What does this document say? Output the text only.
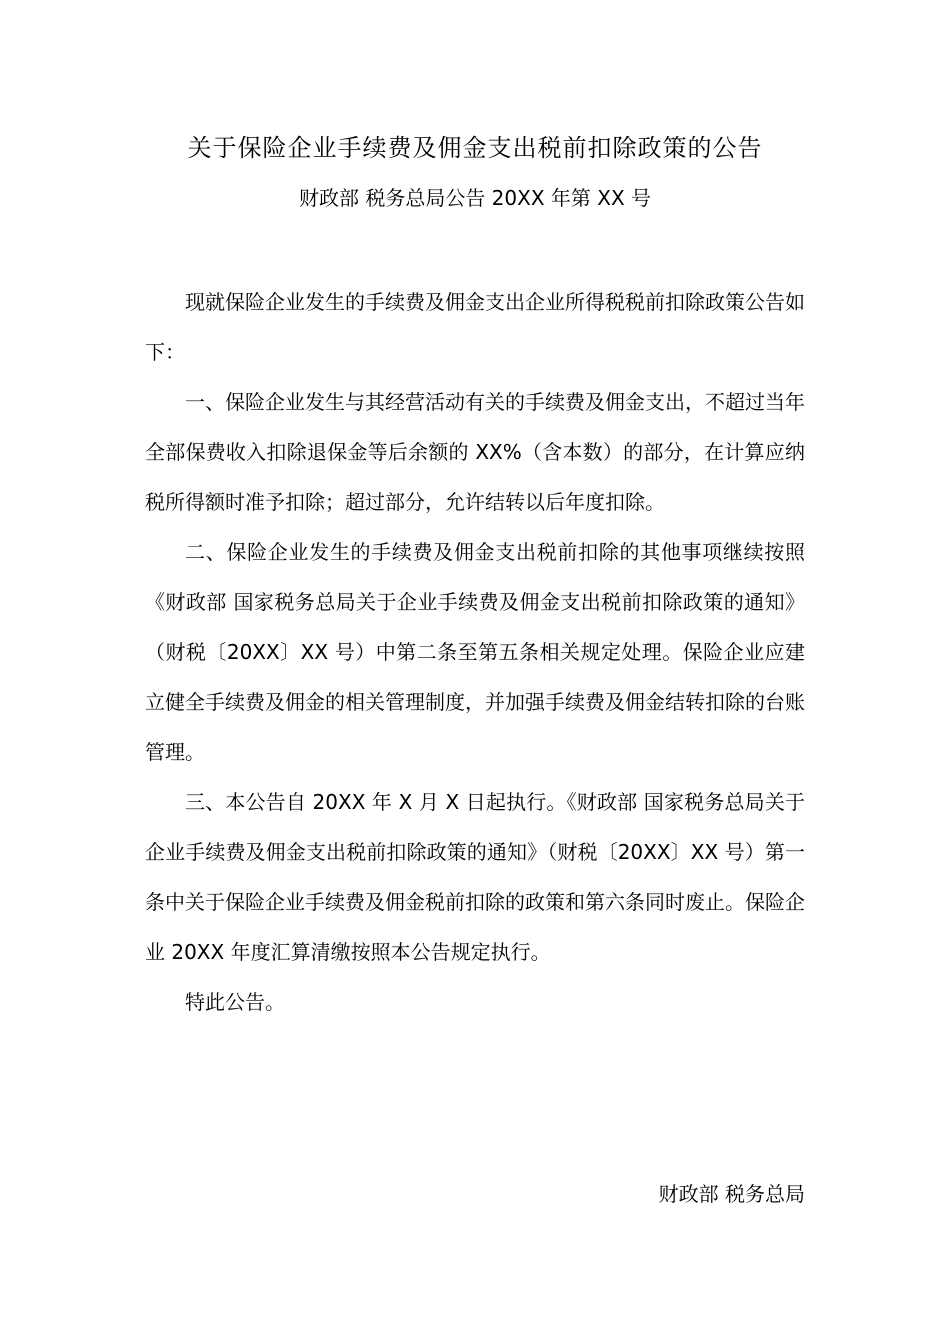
关于保险企业手续费及佣金支出税前扣除政策的公告

财政部 税务总局公告 20XX 年第 XX 号

现就保险企业发生的手续费及佣金支出企业所得税税前扣除政策公告如下：

一、保险企业发生与其经营活动有关的手续费及佣金支出，不超过当年全部保费收入扣除退保金等后余额的 XX%（含本数）的部分，在计算应纳税所得额时准予扣除；超过部分，允许结转以后年度扣除。

二、保险企业发生的手续费及佣金支出税前扣除的其他事项继续按照《财政部 国家税务总局关于企业手续费及佣金支出税前扣除政策的通知》（财税〔20XX〕XX 号）中第二条至第五条相关规定处理。保险企业应建立健全手续费及佣金的相关管理制度，并加强手续费及佣金结转扣除的台账管理。

三、本公告自 20XX 年 X 月 X 日起执行。《财政部 国家税务总局关于企业手续费及佣金支出税前扣除政策的通知》（财税〔20XX〕XX 号）第一条中关于保险企业手续费及佣金税前扣除的政策和第六条同时废止。保险企业 20XX 年度汇算清缴按照本公告规定执行。

特此公告。

财政部 税务总局
